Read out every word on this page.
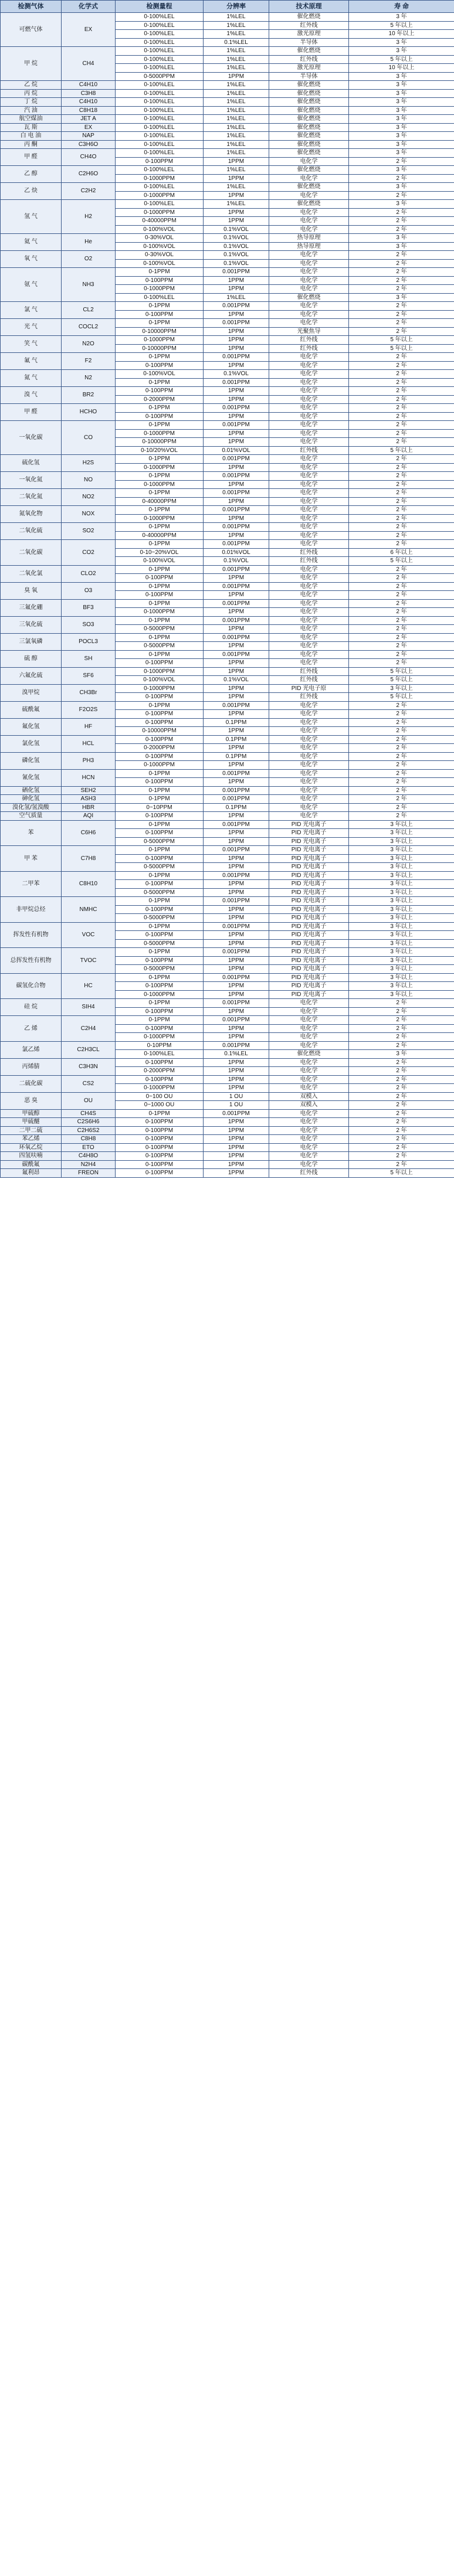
检测气体	化学式	检测量程	分辨率	技术原理	寿 命
可燃气体	EX	0-100%LEL	1%LEL	催化燃烧	3 年
		0-100%LEL	1%LEL	红外线	5 年以上
		0-100%LEL	1%LEL	激光原理	10 年以上
		0-100%LEL	0.1%LEL	半导体	3 年
甲 烷	CH4	0-100%LEL	1%LEL	催化燃烧	3 年
		0-100%LEL	1%LEL	红外线	5 年以上
		0-100%LEL	1%LEL	激光原理	10 年以上
		0-5000PPM	1PPM	半导体	3 年
乙 烷	C4H10	0-100%LEL	1%LEL	催化燃烧	3 年
丙 烷	C3H8	0-100%LEL	1%LEL	催化燃烧	3 年
丁 烷	C4H10	0-100%LEL	1%LEL	催化燃烧	3 年
汽 油	C8H18	0-100%LEL	1%LEL	催化燃烧	3 年
航空煤油	JET A	0-100%LEL	1%LEL	催化燃烧	3 年
瓦 斯	EX	0-100%LEL	1%LEL	催化燃烧	3 年
白 电 油	NAP	0-100%LEL	1%LEL	催化燃烧	3 年
丙 酮	C3H6O	0-100%LEL	1%LEL	催化燃烧	3 年
甲 醛	CH4O	0-100%LEL	1%LEL	催化燃烧	3 年
		0-100PPM	1PPM	电化学	2 年
乙 醇	C2H6O	0-100%LEL	1%LEL	催化燃烧	3 年
		0-1000PPM	1PPM	电化学	2 年
乙 炔	C2H2	0-100%LEL	1%LEL	催化燃烧	3 年
		0-1000PPM	1PPM	电化学	2 年
氢 气	H2	0-100%LEL	1%LEL	催化燃烧	3 年
		0-1000PPM	1PPM	电化学	2 年
		0-40000PPM	1PPM	电化学	2 年
		0-100%VOL	0.1%VOL	电化学	2 年
氦 气	He	0-30%VOL	0.1%VOL	热导原理	3 年
		0-100%VOL	0.1%VOL	热导原理	3 年
氧 气	O2	0-30%VOL	0.1%VOL	电化学	2 年
		0-100%VOL	0.1%VOL	电化学	2 年
氨 气	NH3	0-1PPM	0.001PPM	电化学	2 年
		0-100PPM	1PPM	电化学	2 年
		0-1000PPM	1PPM	电化学	2 年
		0-100%LEL	1%LEL	催化燃烧	3 年
氯 气	CL2	0-1PPM	0.001PPM	电化学	2 年
		0-100PPM	1PPM	电化学	2 年
光 气	COCL2	0-1PPM	0.001PPM	电化学	2 年
		0-10000PPM	1PPM	光聚焦导	2 年
笑 气	N2O	0-1000PPM	1PPM	红外线	5 年以上
		0-10000PPM	1PPM	红外线	5 年以上
氟 气	F2	0-1PPM	0.001PPM	电化学	2 年
		0-100PPM	1PPM	电化学	2 年
氮 气	N2	0-100%VOL	0.1%VOL	电化学	2 年
		0-1PPM	0.001PPM	电化学	2 年
溴 气	BR2	0-100PPM	1PPM	电化学	2 年
		0-2000PPM	1PPM	电化学	2 年
甲 醛	HCHO	0-1PPM	0.001PPM	电化学	2 年
		0-100PPM	1PPM	电化学	2 年
一氧化碳	CO	0-1PPM	0.001PPM	电化学	2 年
		0-1000PPM	1PPM	电化学	2 年
		0-10000PPM	1PPM	电化学	2 年
		0-10/20%VOL	0.01%VOL	红外线	5 年以上
硫化氢	H2S	0-1PPM	0.001PPM	电化学	2 年
		0-1000PPM	1PPM	电化学	2 年
一氧化氮	NO	0-1PPM	0.001PPM	电化学	2 年
		0-1000PPM	1PPM	电化学	2 年
二氧化氮	NO2	0-1PPM	0.001PPM	电化学	2 年
		0-40000PPM	1PPM	电化学	2 年
氮氧化物	NOX	0-1PPM	0.001PPM	电化学	2 年
		0-1000PPM	1PPM	电化学	2 年
二氧化硫	SO2	0-1PPM	0.001PPM	电化学	2 年
		0-40000PPM	1PPM	电化学	2 年
二氧化碳	CO2	0-1PPM	0.001PPM	电化学	2 年
		0-10~20%VOL	0.01%VOL	红外线	6 年以上
		0-100%VOL	0.1%VOL	红外线	5 年以上
二氧化氯	CLO2	0-1PPM	0.001PPM	电化学	2 年
		0-100PPM	1PPM	电化学	2 年
臭 氧	O3	0-1PPM	0.001PPM	电化学	2 年
		0-100PPM	1PPM	电化学	2 年
三氟化硼	BF3	0-1PPM	0.001PPM	电化学	2 年
		0-1000PPM	1PPM	电化学	2 年
三氧化硫	SO3	0-1PPM	0.001PPM	电化学	2 年
		0-5000PPM	1PPM	电化学	2 年
三氯氧磷	POCL3	0-1PPM	0.001PPM	电化学	2 年
		0-5000PPM	1PPM	电化学	2 年
硫 醇	SH	0-1PPM	0.001PPM	电化学	2 年
		0-100PPM	1PPM	电化学	2 年
六氟化硫	SF6	0-1000PPM	1PPM	红外线	5 年以上
		0-100%VOL	0.1%VOL	红外线	5 年以上
溴甲烷	CH3Br	0-1000PPM	1PPM	PID 光电子原	3 年以上
		0-100PPM	1PPM	红外线	5 年以上
硫酰氟	F2O2S	0-1PPM	0.001PPM	电化学	2 年
		0-100PPM	1PPM	电化学	2 年
氟化氢	HF	0-100PPM	0.1PPM	电化学	2 年
		0-10000PPM	1PPM	电化学	2 年
氯化氢	HCL	0-100PPM	0.1PPM	电化学	2 年
		0-2000PPM	1PPM	电化学	2 年
磷化氢	PH3	0-100PPM	0.1PPM	电化学	2 年
		0-1000PPM	1PPM	电化学	2 年
氰化氢	HCN	0-1PPM	0.001PPM	电化学	2 年
		0-100PPM	1PPM	电化学	2 年
硒化氢	SEH2	0-1PPM	0.001PPM	电化学	2 年
砷化氢	ASH3	0-1PPM	0.001PPM	电化学	2 年
溴化氢/氢溴酸	HBR	0~10PPM	0.1PPM	电化学	2 年
空气质量	AQI	0-100PPM	1PPM	电化学	2 年
苯	C6H6	0-1PPM	0.001PPM	PID 光电离子	3 年以上
		0-100PPM	1PPM	PID 光电离子	3 年以上
		0-5000PPM	1PPM	PID 光电离子	3 年以上
甲 苯	C7H8	0-1PPM	0.001PPM	PID 光电离子	3 年以上
		0-100PPM	1PPM	PID 光电离子	3 年以上
		0-5000PPM	1PPM	PID 光电离子	3 年以上
二甲苯	C8H10	0-1PPM	0.001PPM	PID 光电离子	3 年以上
		0-100PPM	1PPM	PID 光电离子	3 年以上
		0-5000PPM	1PPM	PID 光电离子	3 年以上
非甲烷总烃	NMHC	0-1PPM	0.001PPM	PID 光电离子	3 年以上
		0-100PPM	1PPM	PID 光电离子	3 年以上
		0-5000PPM	1PPM	PID 光电离子	3 年以上
挥发性有机物	VOC	0-1PPM	0.001PPM	PID 光电离子	3 年以上
		0-100PPM	1PPM	PID 光电离子	3 年以上
		0-5000PPM	1PPM	PID 光电离子	3 年以上
总挥发性有机物	TVOC	0-1PPM	0.001PPM	PID 光电离子	3 年以上
		0-100PPM	1PPM	PID 光电离子	3 年以上
		0-5000PPM	1PPM	PID 光电离子	3 年以上
碳氢化合物	HC	0-1PPM	0.001PPM	PID 光电离子	3 年以上
		0-100PPM	1PPM	PID 光电离子	3 年以上
		0-1000PPM	1PPM	PID 光电离子	3 年以上
硅 烷	SIH4	0-1PPM	0.001PPM	电化学	2 年
		0-100PPM	1PPM	电化学	2 年
乙 烯	C2H4	0-1PPM	0.001PPM	电化学	2 年
		0-100PPM	1PPM	电化学	2 年
		0-1000PPM	1PPM	电化学	2 年
氯乙烯	C2H3CL	0-10PPM	0.001PPM	电化学	2 年
		0-100%LEL	0.1%LEL	催化燃烧	3 年
丙烯腈	C3H3N	0-100PPM	1PPM	电化学	2 年
		0-2000PPM	1PPM	电化学	2 年
二硫化碳	CS2	0-100PPM	1PPM	电化学	2 年
		0-1000PPM	1PPM	电化学	2 年
恶 臭	OU	0~100 OU	1 OU	双模入	2 年
		0~1000 OU	1 OU	双模入	2 年
甲硫醇	CH4S	0-1PPM	0.001PPM	电化学	2 年
甲硫醚	C2S6H6	0-100PPM	1PPM	电化学	2 年
二甲二硫	C2H6S2	0-100PPM	1PPM	电化学	2 年
苯乙烯	C8H8	0-100PPM	1PPM	电化学	2 年
环氧乙烷	ETO	0-100PPM	1PPM	电化学	2 年
四氢呋喃	C4H8O	0-100PPM	1PPM	电化学	2 年
碳酰氟	N2H4	0-100PPM	1PPM	电化学	2 年
氟利昂	FREON	0-100PPM	1PPM	红外线	5 年以上
